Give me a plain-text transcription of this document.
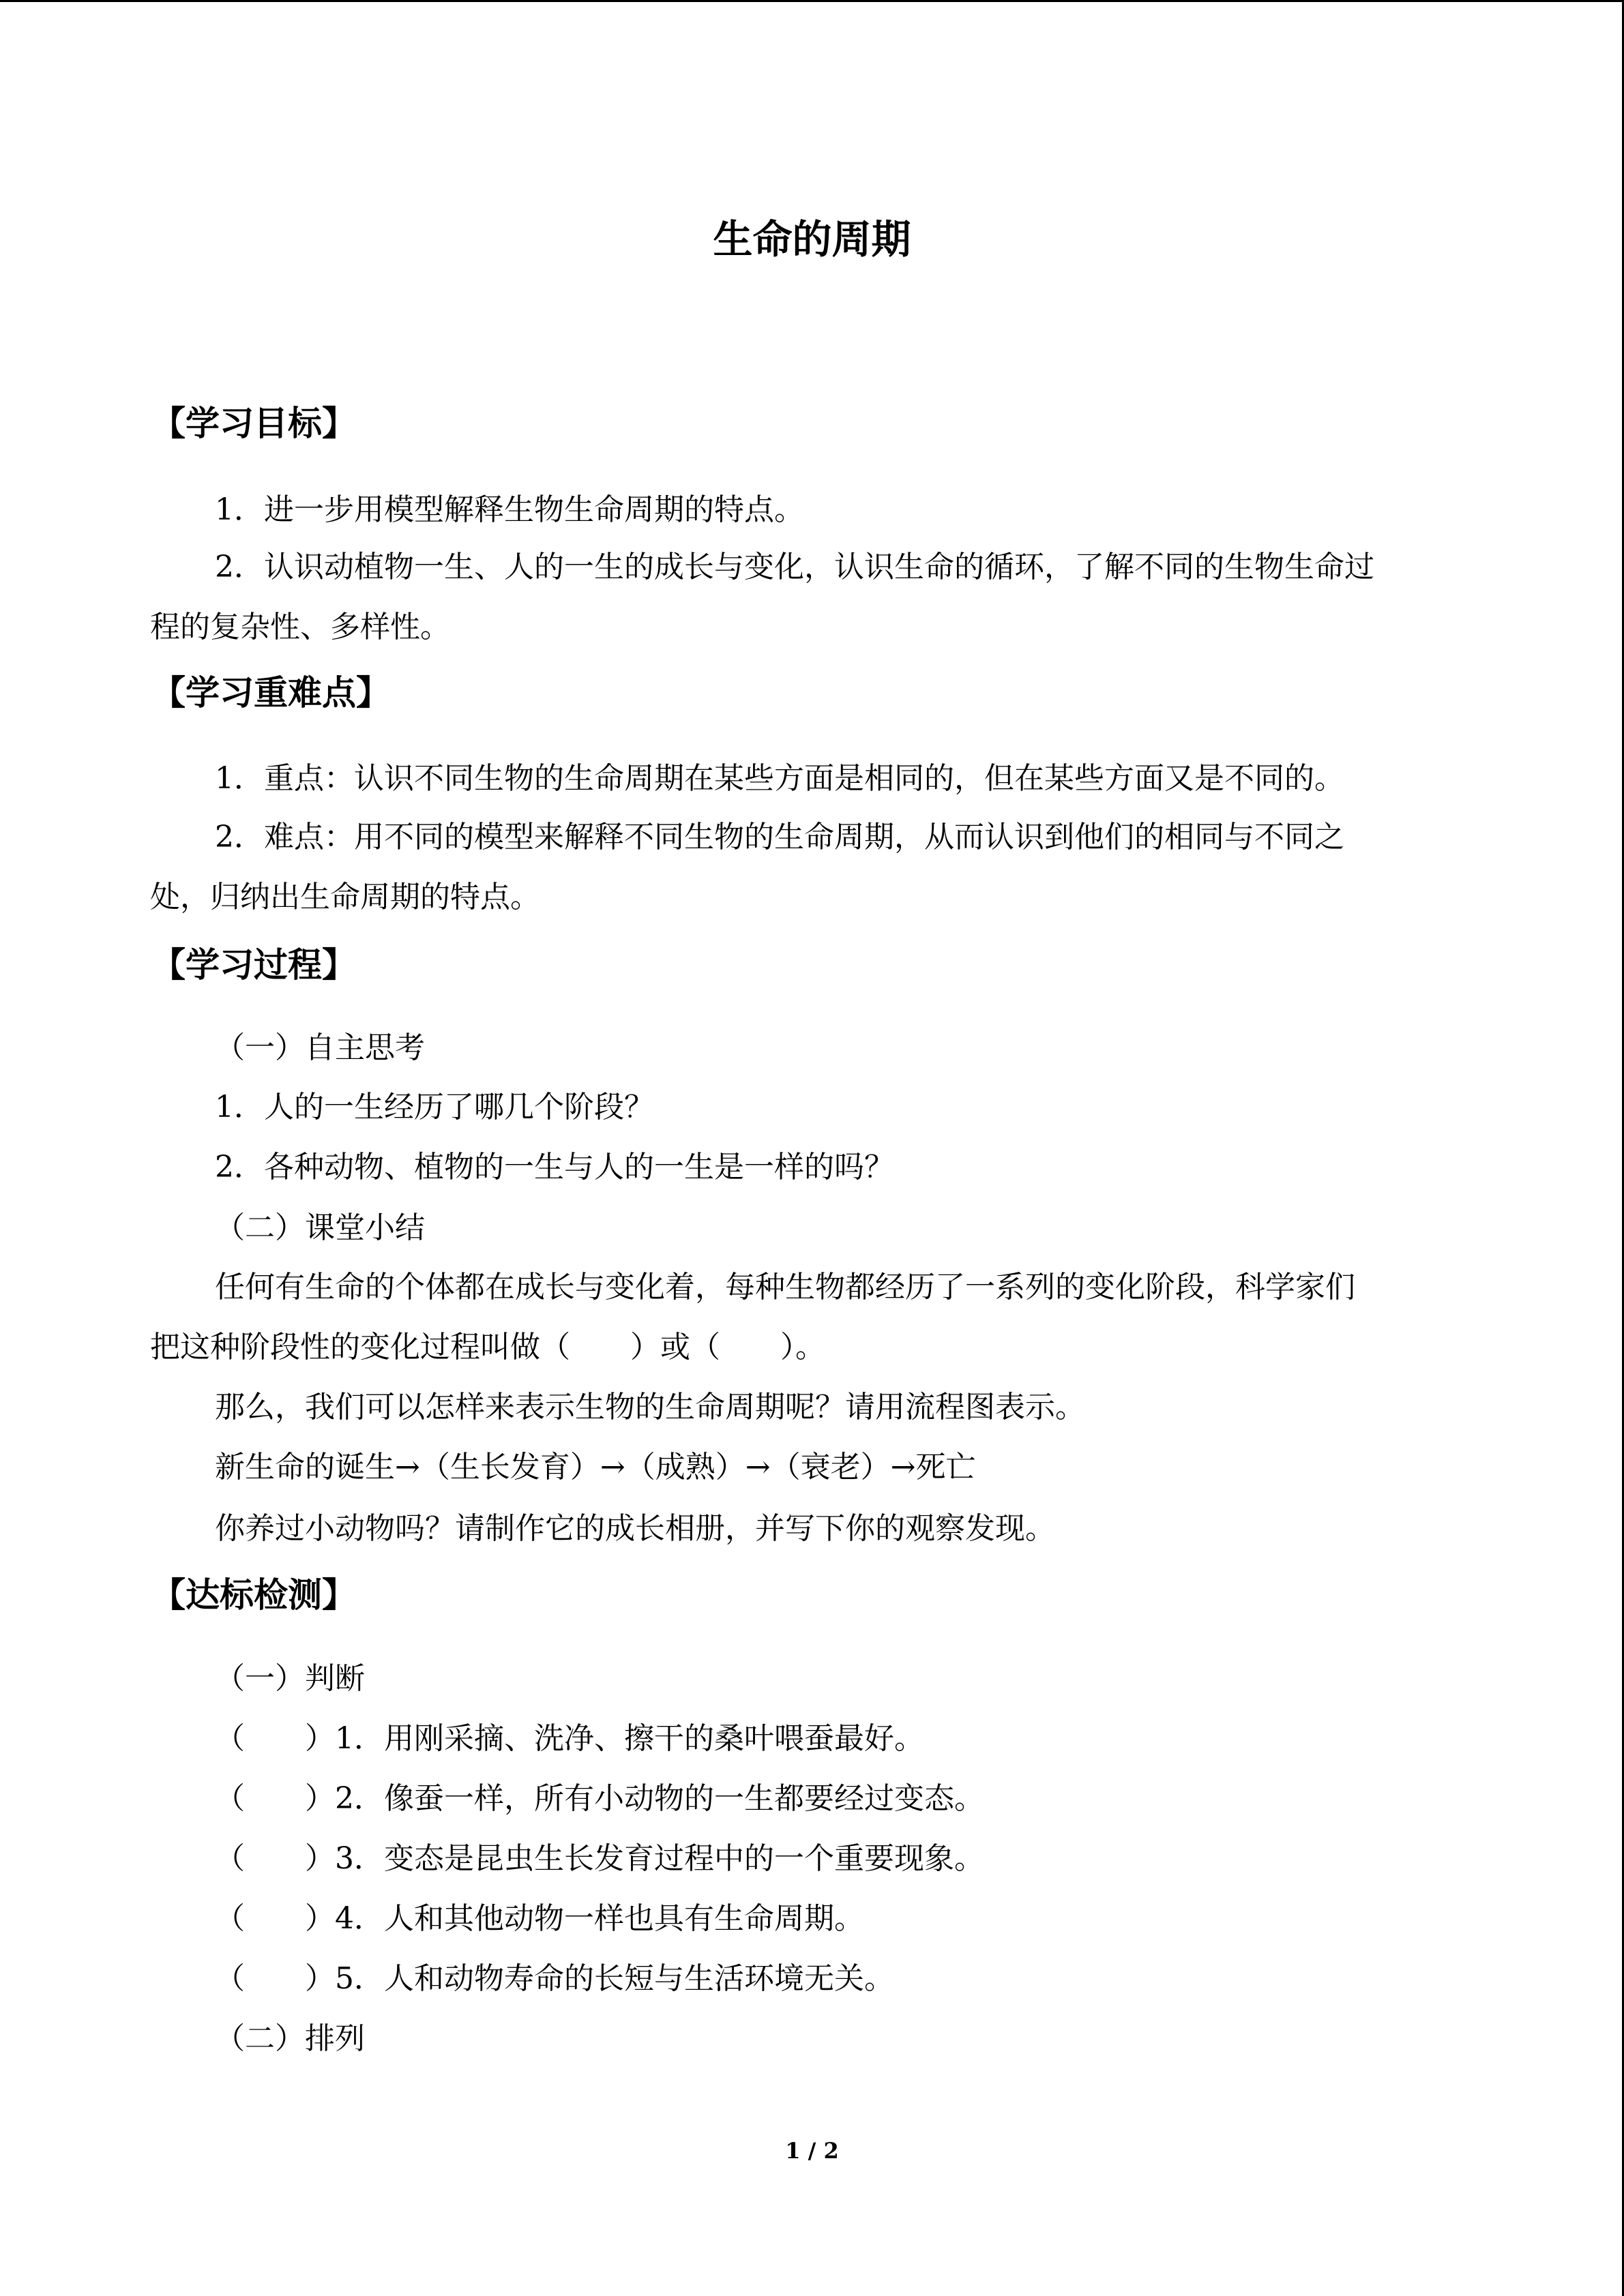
生命的周期
【学习目标】
1．进一步用模型解释生物生命周期的特点。
2．认识动植物一生、人的一生的成长与变化，认识生命的循环，了解不同的生物生命过
程的复杂性、多样性。
【学习重难点】
1．重点：认识不同生物的生命周期在某些方面是相同的，但在某些方面又是不同的。
2．难点：用不同的模型来解释不同生物的生命周期，从而认识到他们的相同与不同之
处，归纳出生命周期的特点。
【学习过程】
（一）自主思考
1．人的一生经历了哪几个阶段？
2．各种动物、植物的一生与人的一生是一样的吗？
（二）课堂小结
任何有生命的个体都在成长与变化着，每种生物都经历了一系列的变化阶段，科学家们
把这种阶段性的变化过程叫做（　　）或（　　）。
那么，我们可以怎样来表示生物的生命周期呢？请用流程图表示。
新生命的诞生→（生长发育）→（成熟）→（衰老）→死亡
你养过小动物吗？请制作它的成长相册，并写下你的观察发现。
【达标检测】
（一）判断
（　　）1．用刚采摘、洗净、擦干的桑叶喂蚕最好。
（　　）2．像蚕一样，所有小动物的一生都要经过变态。
（　　）3．变态是昆虫生长发育过程中的一个重要现象。
（　　）4．人和其他动物一样也具有生命周期。
（　　）5．人和动物寿命的长短与生活环境无关。
（二）排列
1 / 2
